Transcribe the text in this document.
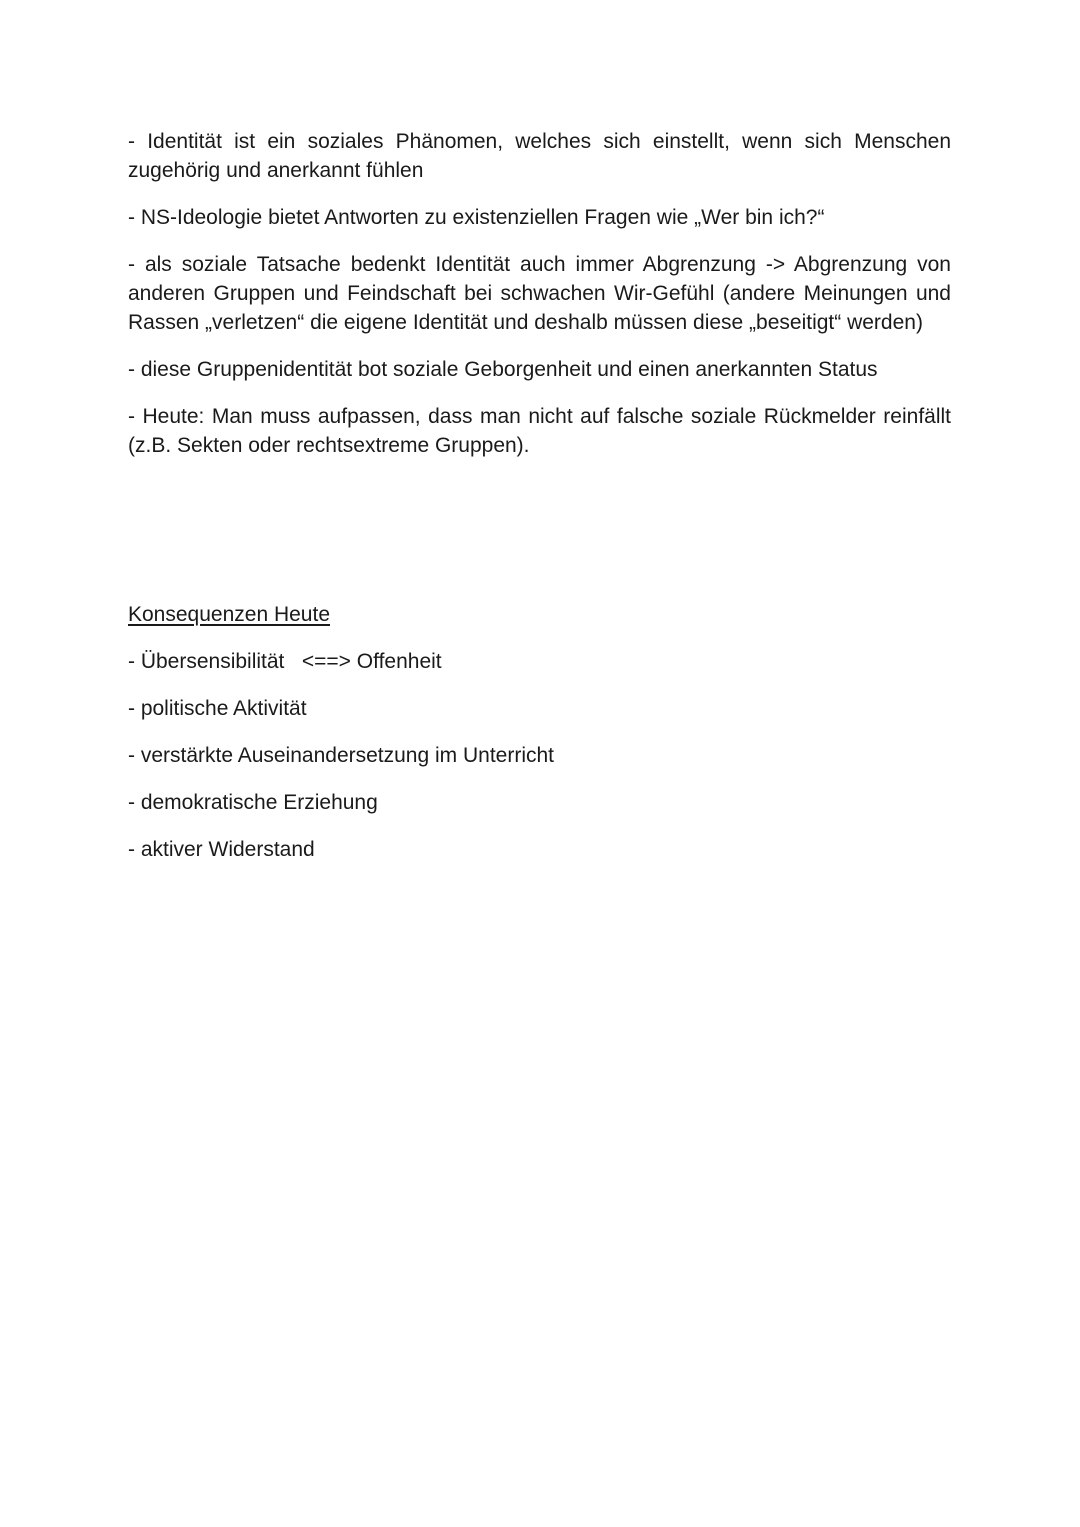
- Identität ist ein soziales Phänomen, welches sich einstellt, wenn sich Menschen zugehörig und anerkannt fühlen

- NS-Ideologie bietet Antworten zu existenziellen Fragen wie „Wer bin ich?“

- als soziale Tatsache bedenkt Identität auch immer Abgrenzung -> Abgrenzung von anderen Gruppen und Feindschaft bei schwachen Wir-Gefühl (andere Meinungen und Rassen „verletzen“ die eigene Identität und deshalb müssen diese „beseitigt“ werden)

- diese Gruppenidentität bot soziale Geborgenheit und einen anerkannten Status

- Heute: Man muss aufpassen, dass man nicht auf falsche soziale Rückmelder reinfällt (z.B. Sekten oder rechtsextreme Gruppen).

Konsequenzen Heute

- Übersensibilität   <==> Offenheit

- politische Aktivität

- verstärkte Auseinandersetzung im Unterricht

- demokratische Erziehung

- aktiver Widerstand
